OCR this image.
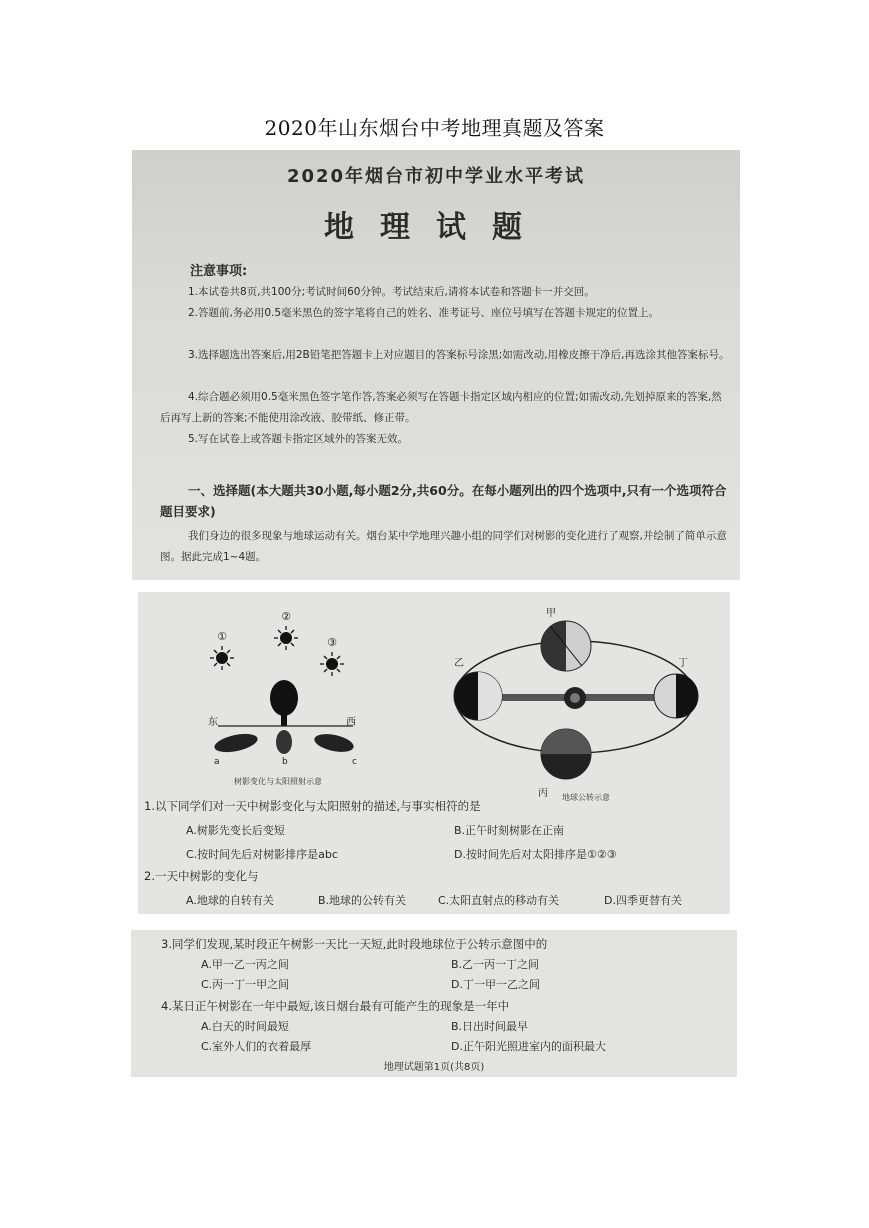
2020年山东烟台中考地理真题及答案
2020年烟台市初中学业水平考试
地理试题
注意事项:
1.本试卷共8页,共100分;考试时间60分钟。考试结束后,请将本试卷和答题卡一并交回。
2.答题前,务必用0.5毫米黑色的签字笔将自己的姓名、准考证号、座位号填写在答题卡规定的位置上。
3.选择题选出答案后,用2B铅笔把答题卡上对应题目的答案标号涂黑;如需改动,用橡皮擦干净后,再选涂其他答案标号。
4.综合题必须用0.5毫米黑色签字笔作答,答案必须写在答题卡指定区域内相应的位置;如需改动,先划掉原来的答案,然后再写上新的答案;不能使用涂改液、胶带纸、修正带。
5.写在试卷上或答题卡指定区域外的答案无效。
一、选择题(本大题共30小题,每小题2分,共60分。在每小题列出的四个选项中,只有一个选项符合题目要求)
我们身边的很多现象与地球运动有关。烟台某中学地理兴趣小组的同学们对树影的变化进行了观察,并绘制了简单示意图。据此完成1~4题。
①
②
③
东	西
a	b	c
树影变化与太阳照射示意
甲
乙
丙
丁
地球公转示意
1.以下同学们对一天中树影变化与太阳照射的描述,与事实相符的是
A.树影先变长后变短	B.正午时刻树影在正南
C.按时间先后对树影排序是abc	D.按时间先后对太阳排序是①②③
2.一天中树影的变化与
A.地球的自转有关	B.地球的公转有关	C.太阳直射点的移动有关	D.四季更替有关
3.同学们发现,某时段正午树影一天比一天短,此时段地球位于公转示意图中的
A.甲一乙一丙之间	B.乙一丙一丁之间
C.丙一丁一甲之间	D.丁一甲一乙之间
4.某日正午树影在一年中最短,该日烟台最有可能产生的现象是一年中
A.白天的时间最短	B.日出时间最早
C.室外人们的衣着最厚	D.正午阳光照进室内的面积最大
地理试题第1页(共8页)
